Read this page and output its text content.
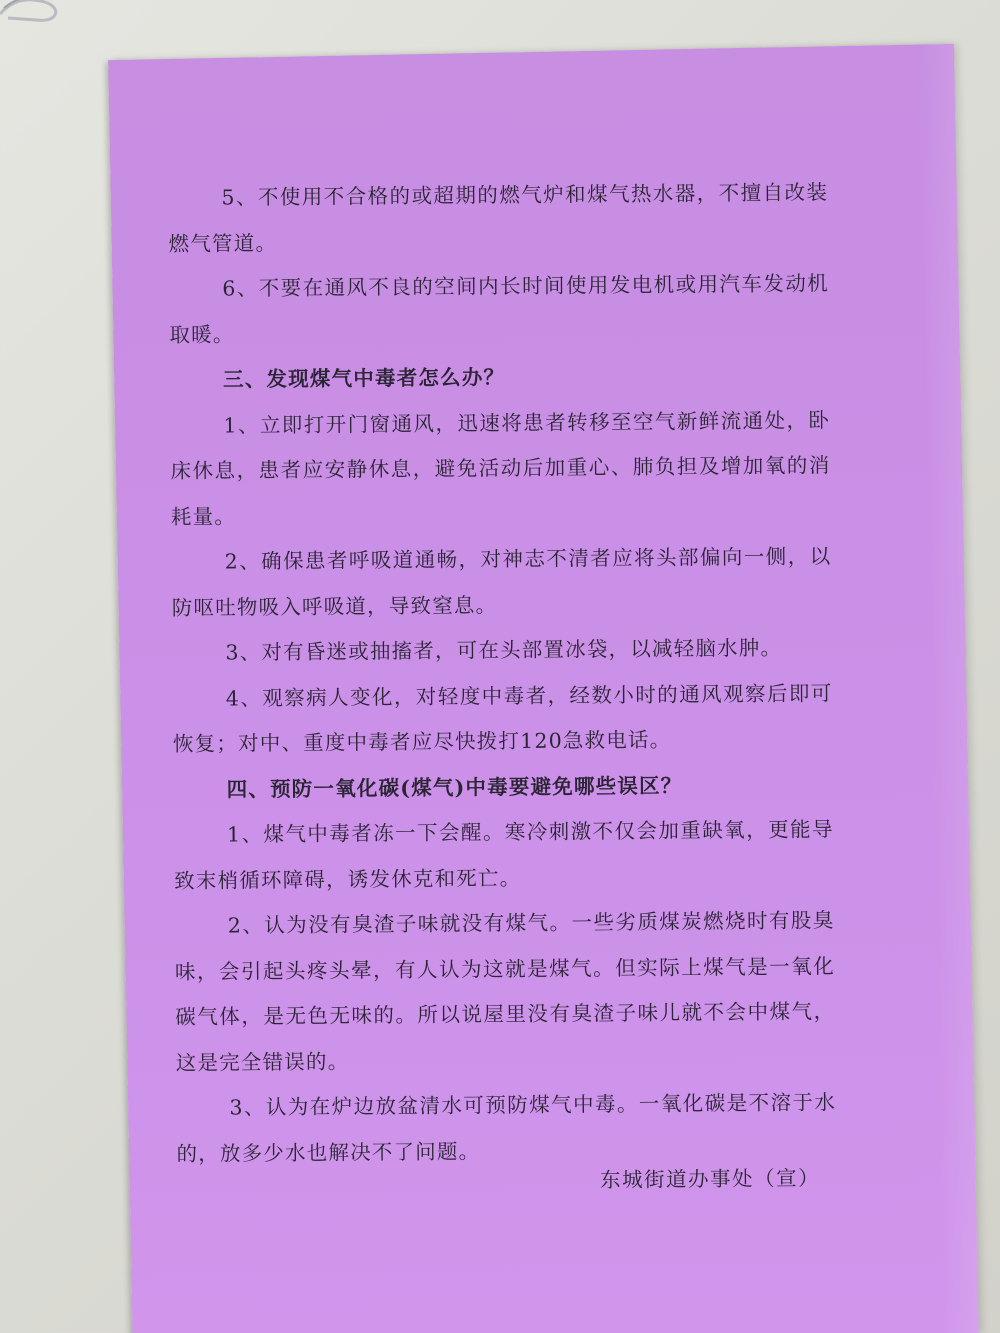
5、不使用不合格的或超期的燃气炉和煤气热水器，不擅自改装燃气管道。

6、不要在通风不良的空间内长时间使用发电机或用汽车发动机取暖。

三、发现煤气中毒者怎么办？

1、立即打开门窗通风，迅速将患者转移至空气新鲜流通处，卧床休息，患者应安静休息，避免活动后加重心、肺负担及增加氧的消耗量。

2、确保患者呼吸道通畅，对神志不清者应将头部偏向一侧，以防呕吐物吸入呼吸道，导致窒息。

3、对有昏迷或抽搐者，可在头部置冰袋，以减轻脑水肿。

4、观察病人变化，对轻度中毒者，经数小时的通风观察后即可恢复；对中、重度中毒者应尽快拨打120急救电话。

四、预防一氧化碳(煤气)中毒要避免哪些误区？

1、煤气中毒者冻一下会醒。寒冷刺激不仅会加重缺氧，更能导致末梢循环障碍，诱发休克和死亡。

2、认为没有臭渣子味就没有煤气。一些劣质煤炭燃烧时有股臭味，会引起头疼头晕，有人认为这就是煤气。但实际上煤气是一氧化碳气体，是无色无味的。所以说屋里没有臭渣子味儿就不会中煤气，这是完全错误的。

3、认为在炉边放盆清水可预防煤气中毒。一氧化碳是不溶于水的，放多少水也解决不了问题。

东城街道办事处（宣）
